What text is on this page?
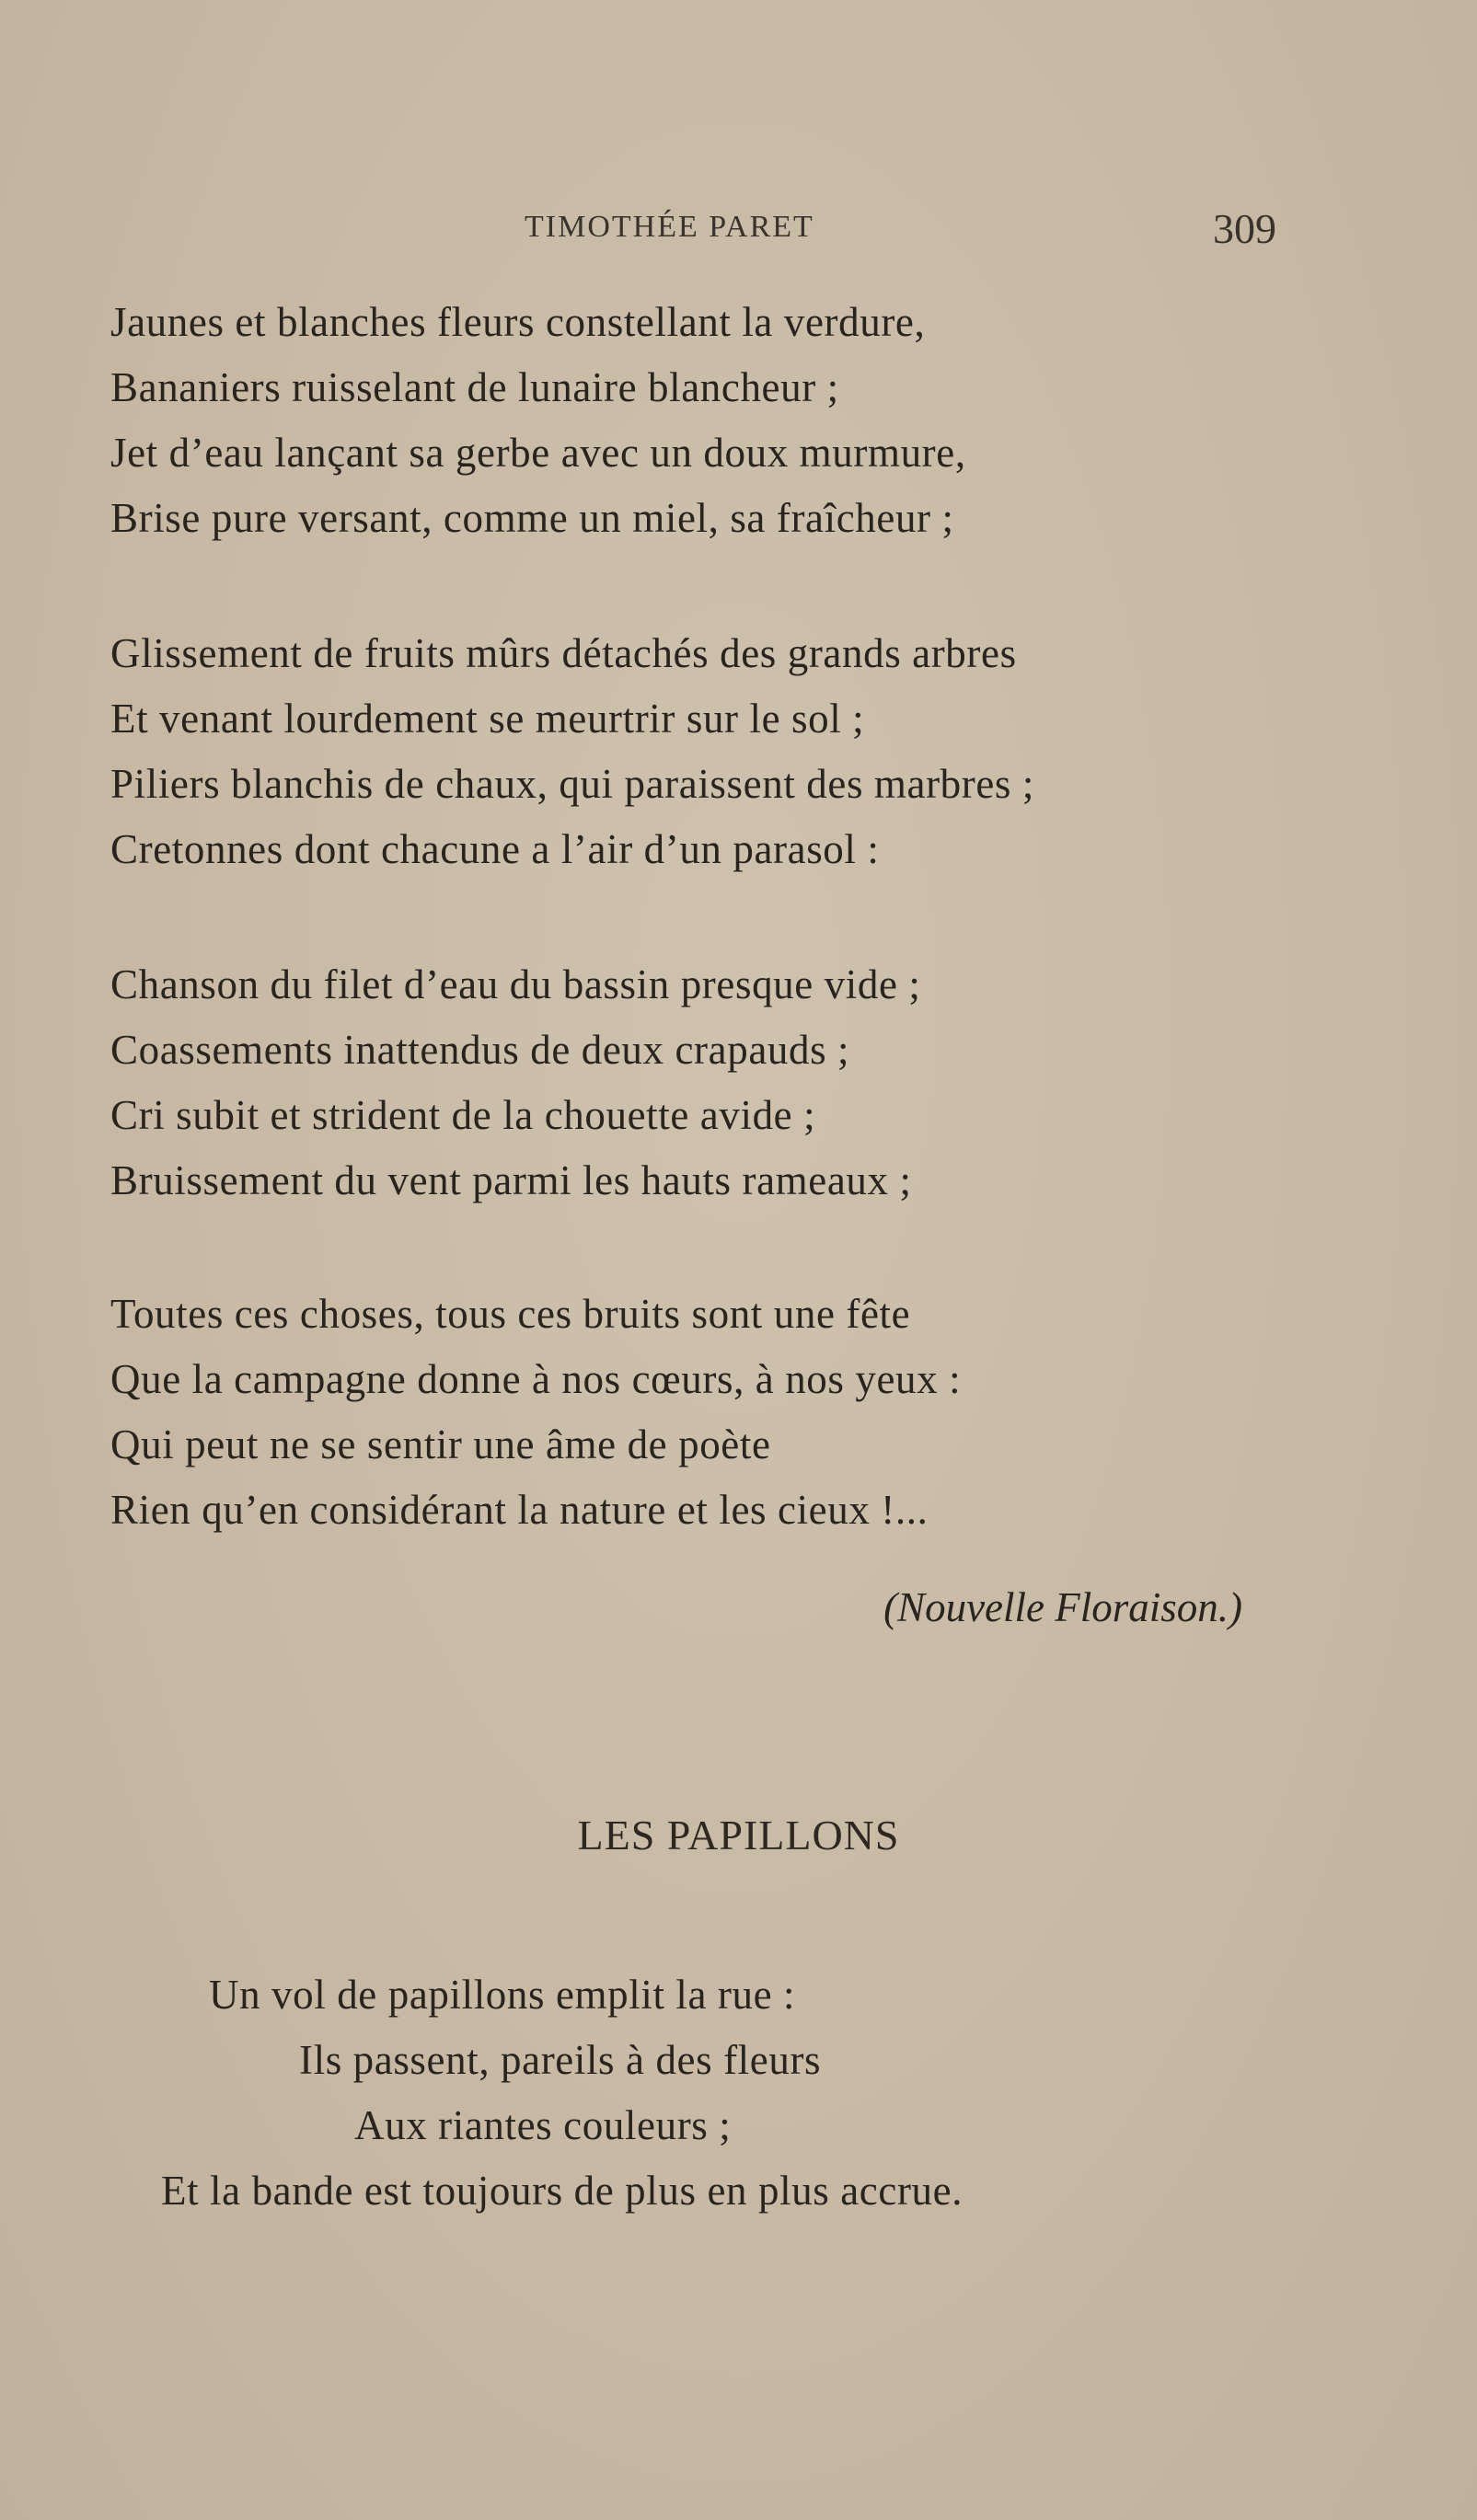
TIMOTHÉE PARET	309
Jaunes et blanches fleurs constellant la verdure,
Bananiers ruisselant de lunaire blancheur ;
Jet d’eau lançant sa gerbe avec un doux murmure,
Brise pure versant, comme un miel, sa fraîcheur ;
Glissement de fruits mûrs détachés des grands arbres
Et venant lourdement se meurtrir sur le sol ;
Piliers blanchis de chaux, qui paraissent des marbres ;
Cretonnes dont chacune a l’air d’un parasol :
Chanson du filet d’eau du bassin presque vide ;
Coassements inattendus de deux crapauds ;
Cri subit et strident de la chouette avide ;
Bruissement du vent parmi les hauts rameaux ;
Toutes ces choses, tous ces bruits sont une fête
Que la campagne donne à nos cœurs, à nos yeux :
Qui peut ne se sentir une âme de poète
Rien qu’en considérant la nature et les cieux !...
(Nouvelle Floraison.)
LES PAPILLONS
Un vol de papillons emplit la rue :
Ils passent, pareils à des fleurs
Aux riantes couleurs ;
Et la bande est toujours de plus en plus accrue.
